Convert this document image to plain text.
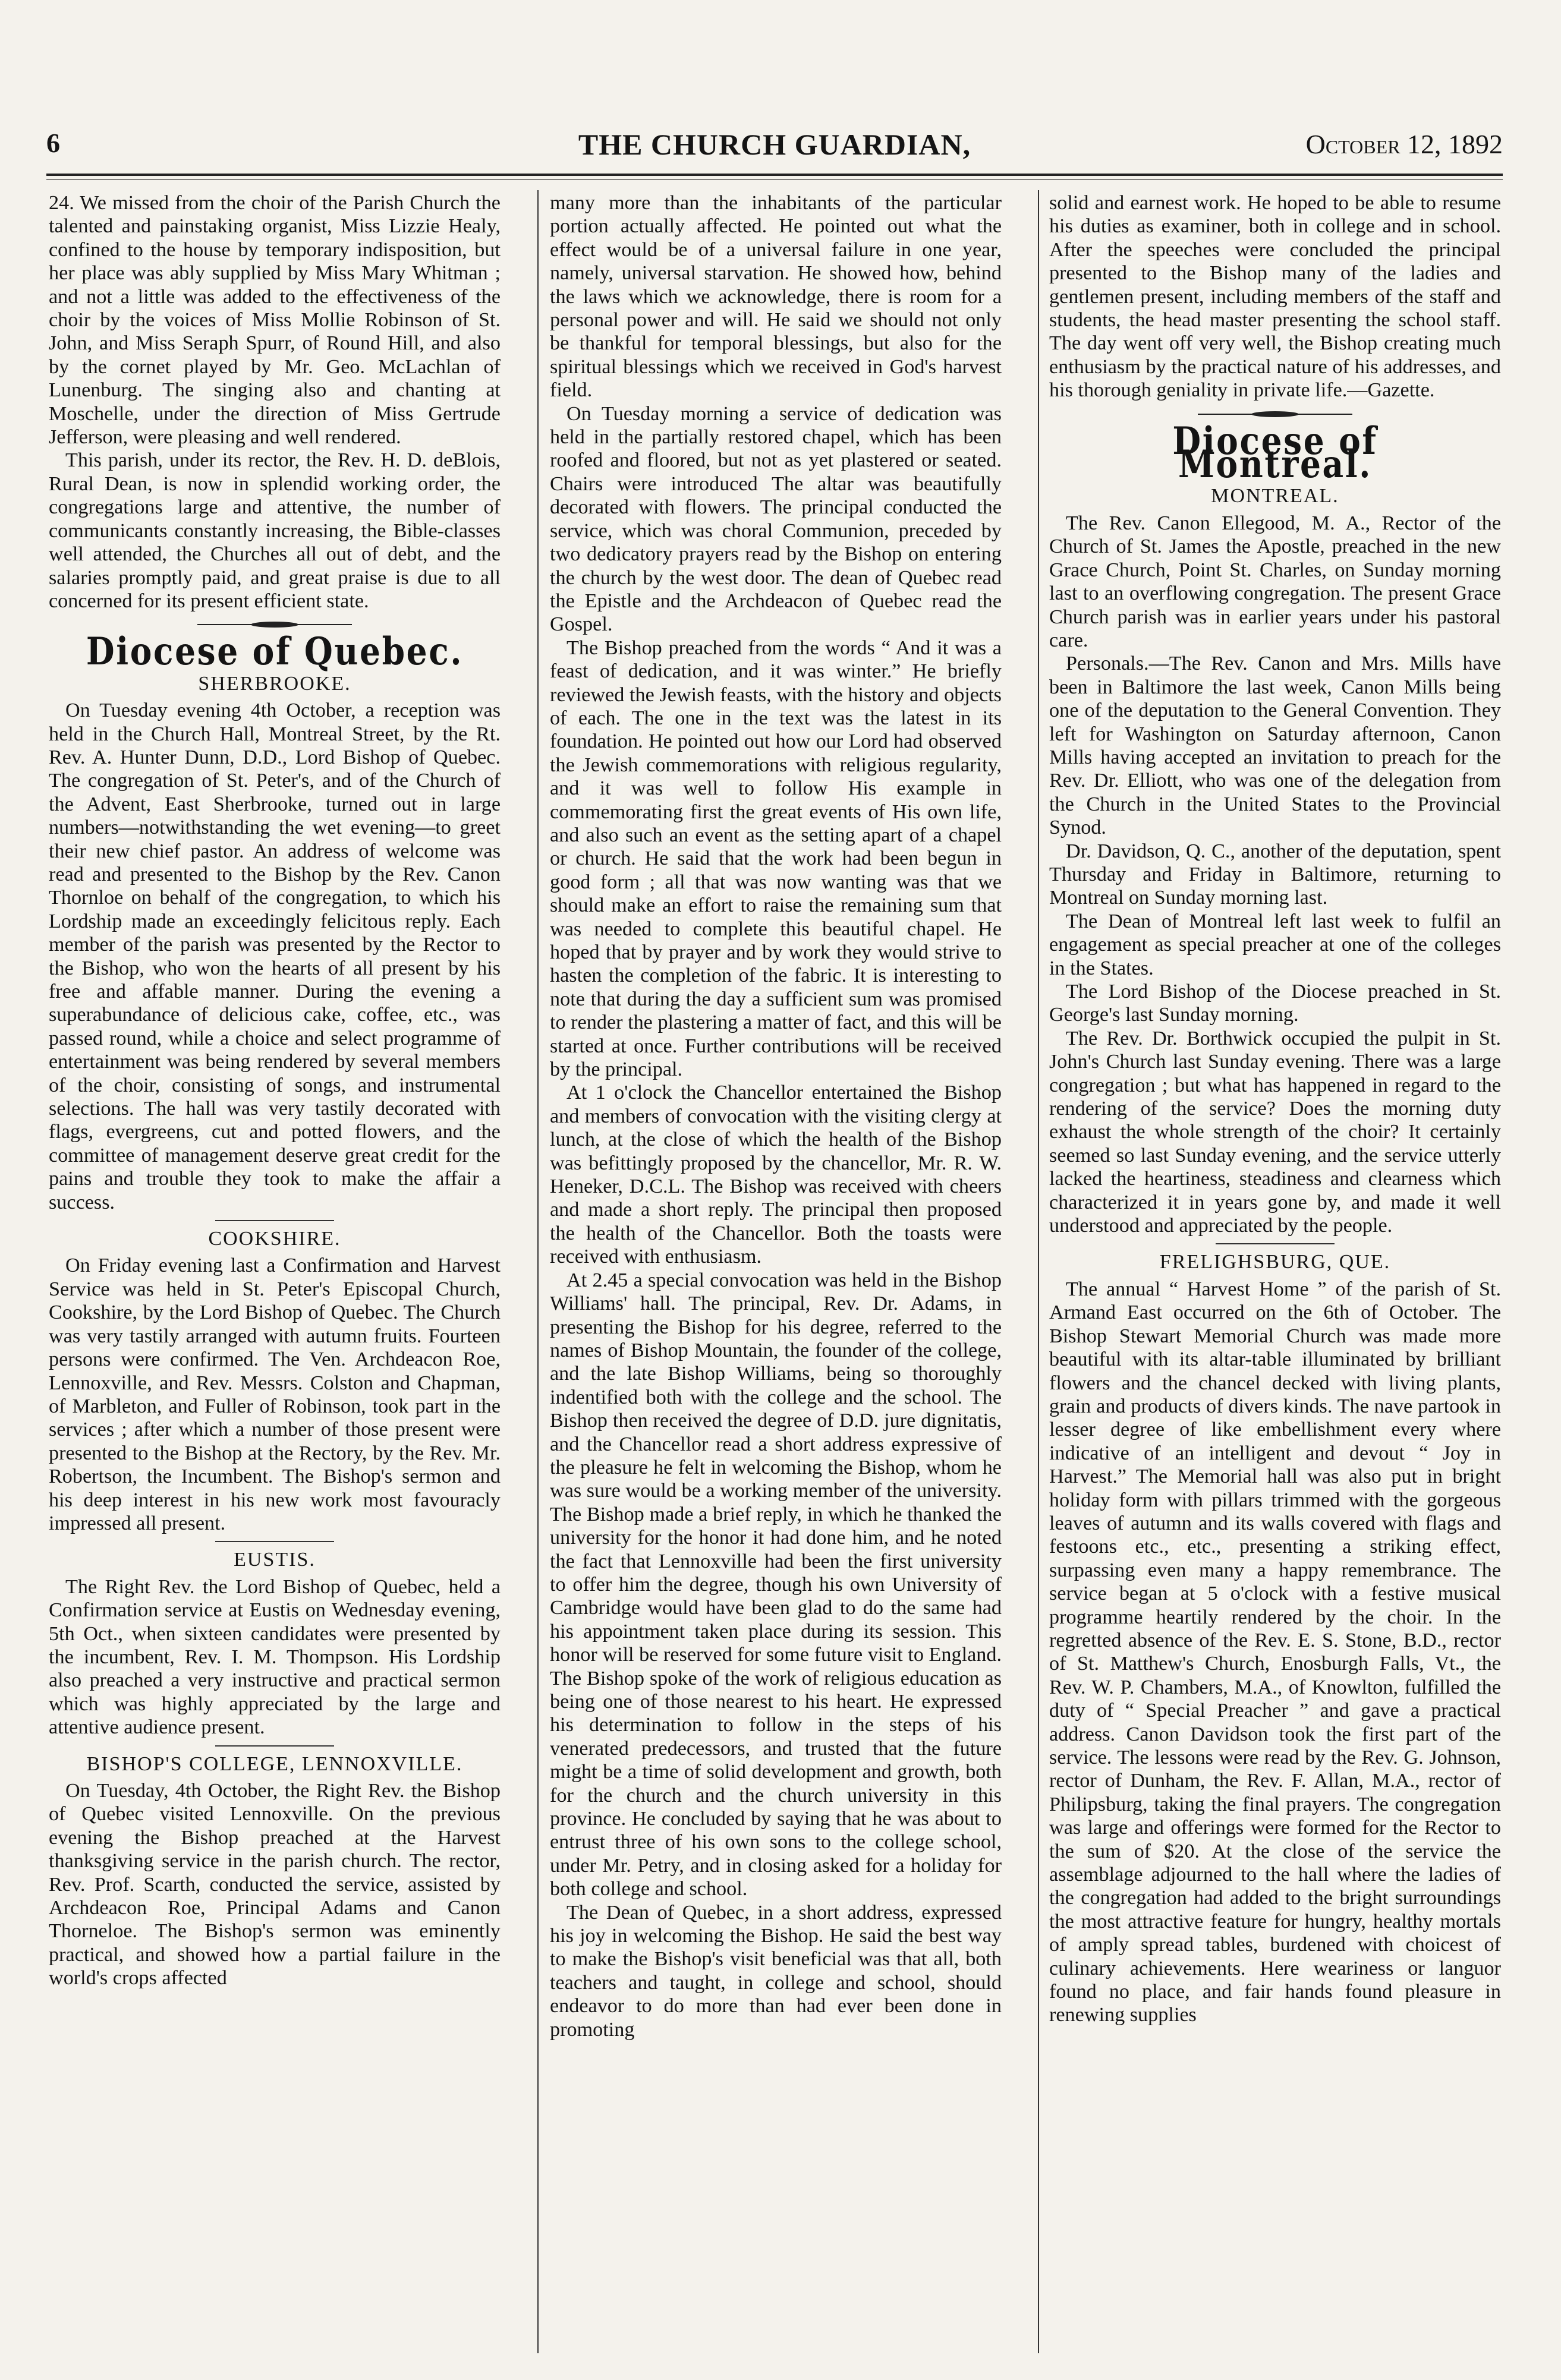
6	THE CHURCH GUARDIAN,	October 12, 1892

24. We missed from the choir of the Parish Church the talented and painstaking organist, Miss Lizzie Healy, confined to the house by temporary indisposition, but her place was ably supplied by Miss Mary Whitman ; and not a little was added to the effectiveness of the choir by the voices of Miss Mollie Robinson of St. John, and Miss Seraph Spurr, of Round Hill, and also by the cornet played by Mr. Geo. McLachlan of Lunenburg. The singing also and chanting at Moschelle, under the direction of Miss Gertrude Jefferson, were pleasing and well rendered.

This parish, under its rector, the Rev. H. D. deBlois, Rural Dean, is now in splendid working order, the congregations large and attentive, the number of communicants constantly increasing, the Bible-classes well attended, the Churches all out of debt, and the salaries promptly paid, and great praise is due to all concerned for its present efficient state.

Diocese of Quebec.
SHERBROOKE.

On Tuesday evening 4th October, a reception was held in the Church Hall, Montreal Street, by the Rt. Rev. A. Hunter Dunn, D.D., Lord Bishop of Quebec. The congregation of St. Peter's, and of the Church of the Advent, East Sherbrooke, turned out in large numbers—notwithstanding the wet evening—to greet their new chief pastor. An address of welcome was read and presented to the Bishop by the Rev. Canon Thornloe on behalf of the congregation, to which his Lordship made an exceedingly felicitous reply. Each member of the parish was presented by the Rector to the Bishop, who won the hearts of all present by his free and affable manner. During the evening a superabundance of delicious cake, coffee, etc., was passed round, while a choice and select programme of entertainment was being rendered by several members of the choir, consisting of songs, and instrumental selections. The hall was very tastily decorated with flags, evergreens, cut and potted flowers, and the committee of management deserve great credit for the pains and trouble they took to make the affair a success.

COOKSHIRE.

On Friday evening last a Confirmation and Harvest Service was held in St. Peter's Episcopal Church, Cookshire, by the Lord Bishop of Quebec. The Church was very tastily arranged with autumn fruits. Fourteen persons were confirmed. The Ven. Archdeacon Roe, Lennoxville, and Rev. Messrs. Colston and Chapman, of Marbleton, and Fuller of Robinson, took part in the services ; after which a number of those present were presented to the Bishop at the Rectory, by the Rev. Mr. Robertson, the Incumbent. The Bishop's sermon and his deep interest in his new work most favouracly impressed all present.

EUSTIS.

The Right Rev. the Lord Bishop of Quebec, held a Confirmation service at Eustis on Wednesday evening, 5th Oct., when sixteen candidates were presented by the incumbent, Rev. I. M. Thompson. His Lordship also preached a very instructive and practical sermon which was highly appreciated by the large and attentive audience present.

BISHOP'S COLLEGE, LENNOXVILLE.

On Tuesday, 4th October, the Right Rev. the Bishop of Quebec visited Lennoxville. On the previous evening the Bishop preached at the Harvest thanksgiving service in the parish church. The rector, Rev. Prof. Scarth, conducted the service, assisted by Archdeacon Roe, Principal Adams and Canon Thorneloe. The Bishop's sermon was eminently practical, and showed how a partial failure in the world's crops affected

many more than the inhabitants of the particular portion actually affected. He pointed out what the effect would be of a universal failure in one year, namely, universal starvation. He showed how, behind the laws which we acknowledge, there is room for a personal power and will. He said we should not only be thankful for temporal blessings, but also for the spiritual blessings which we received in God's harvest field.

On Tuesday morning a service of dedication was held in the partially restored chapel, which has been roofed and floored, but not as yet plastered or seated. Chairs were introduced The altar was beautifully decorated with flowers. The principal conducted the service, which was choral Communion, preceded by two dedicatory prayers read by the Bishop on entering the church by the west door. The dean of Quebec read the Epistle and the Archdeacon of Quebec read the Gospel.

The Bishop preached from the words “ And it was a feast of dedication, and it was winter.” He briefly reviewed the Jewish feasts, with the history and objects of each. The one in the text was the latest in its foundation. He pointed out how our Lord had observed the Jewish commemorations with religious regularity, and it was well to follow His example in commemorating first the great events of His own life, and also such an event as the setting apart of a chapel or church. He said that the work had been begun in good form ; all that was now wanting was that we should make an effort to raise the remaining sum that was needed to complete this beautiful chapel. He hoped that by prayer and by work they would strive to hasten the completion of the fabric. It is interesting to note that during the day a sufficient sum was promised to render the plastering a matter of fact, and this will be started at once. Further contributions will be received by the principal.

At 1 o'clock the Chancellor entertained the Bishop and members of convocation with the visiting clergy at lunch, at the close of which the health of the Bishop was befittingly proposed by the chancellor, Mr. R. W. Heneker, D.C.L. The Bishop was received with cheers and made a short reply. The principal then proposed the health of the Chancellor. Both the toasts were received with enthusiasm.

At 2.45 a special convocation was held in the Bishop Williams' hall. The principal, Rev. Dr. Adams, in presenting the Bishop for his degree, referred to the names of Bishop Mountain, the founder of the college, and the late Bishop Williams, being so thoroughly indentified both with the college and the school. The Bishop then received the degree of D.D. jure dignitatis, and the Chancellor read a short address expressive of the pleasure he felt in welcoming the Bishop, whom he was sure would be a working member of the university. The Bishop made a brief reply, in which he thanked the university for the honor it had done him, and he noted the fact that Lennoxville had been the first university to offer him the degree, though his own University of Cambridge would have been glad to do the same had his appointment taken place during its session. This honor will be reserved for some future visit to England. The Bishop spoke of the work of religious education as being one of those nearest to his heart. He expressed his determination to follow in the steps of his venerated predecessors, and trusted that the future might be a time of solid development and growth, both for the church and the church university in this province. He concluded by saying that he was about to entrust three of his own sons to the college school, under Mr. Petry, and in closing asked for a holiday for both college and school.

The Dean of Quebec, in a short address, expressed his joy in welcoming the Bishop. He said the best way to make the Bishop's visit beneficial was that all, both teachers and taught, in college and school, should endeavor to do more than had ever been done in promoting

solid and earnest work. He hoped to be able to resume his duties as examiner, both in college and in school. After the speeches were concluded the principal presented to the Bishop many of the ladies and gentlemen present, including members of the staff and students, the head master presenting the school staff. The day went off very well, the Bishop creating much enthusiasm by the practical nature of his addresses, and his thorough geniality in private life.—Gazette.

Diocese of Montreal.
MONTREAL.

The Rev. Canon Ellegood, M. A., Rector of the Church of St. James the Apostle, preached in the new Grace Church, Point St. Charles, on Sunday morning last to an overflowing congregation. The present Grace Church parish was in earlier years under his pastoral care.

Personals.—The Rev. Canon and Mrs. Mills have been in Baltimore the last week, Canon Mills being one of the deputation to the General Convention. They left for Washington on Saturday afternoon, Canon Mills having accepted an invitation to preach for the Rev. Dr. Elliott, who was one of the delegation from the Church in the United States to the Provincial Synod.

Dr. Davidson, Q. C., another of the deputation, spent Thursday and Friday in Baltimore, returning to Montreal on Sunday morning last.

The Dean of Montreal left last week to fulfil an engagement as special preacher at one of the colleges in the States.

The Lord Bishop of the Diocese preached in St. George's last Sunday morning.

The Rev. Dr. Borthwick occupied the pulpit in St. John's Church last Sunday evening. There was a large congregation ; but what has happened in regard to the rendering of the service? Does the morning duty exhaust the whole strength of the choir? It certainly seemed so last Sunday evening, and the service utterly lacked the heartiness, steadiness and clearness which characterized it in years gone by, and made it well understood and appreciated by the people.

FRELIGHSBURG, QUE.

The annual “ Harvest Home ” of the parish of St. Armand East occurred on the 6th of October. The Bishop Stewart Memorial Church was made more beautiful with its altar-table illuminated by brilliant flowers and the chancel decked with living plants, grain and products of divers kinds. The nave partook in lesser degree of like embellishment every where indicative of an intelligent and devout “ Joy in Harvest.” The Memorial hall was also put in bright holiday form with pillars trimmed with the gorgeous leaves of autumn and its walls covered with flags and festoons etc., etc., presenting a striking effect, surpassing even many a happy remembrance. The service began at 5 o'clock with a festive musical programme heartily rendered by the choir. In the regretted absence of the Rev. E. S. Stone, B.D., rector of St. Matthew's Church, Enosburgh Falls, Vt., the Rev. W. P. Chambers, M.A., of Knowlton, fulfilled the duty of “ Special Preacher ” and gave a practical address. Canon Davidson took the first part of the service. The lessons were read by the Rev. G. Johnson, rector of Dunham, the Rev. F. Allan, M.A., rector of Philipsburg, taking the final prayers. The congregation was large and offerings were formed for the Rector to the sum of $20. At the close of the service the assemblage adjourned to the hall where the ladies of the congregation had added to the bright surroundings the most attractive feature for hungry, healthy mortals of amply spread tables, burdened with choicest of culinary achievements. Here weariness or languor found no place, and fair hands found pleasure in renewing supplies
